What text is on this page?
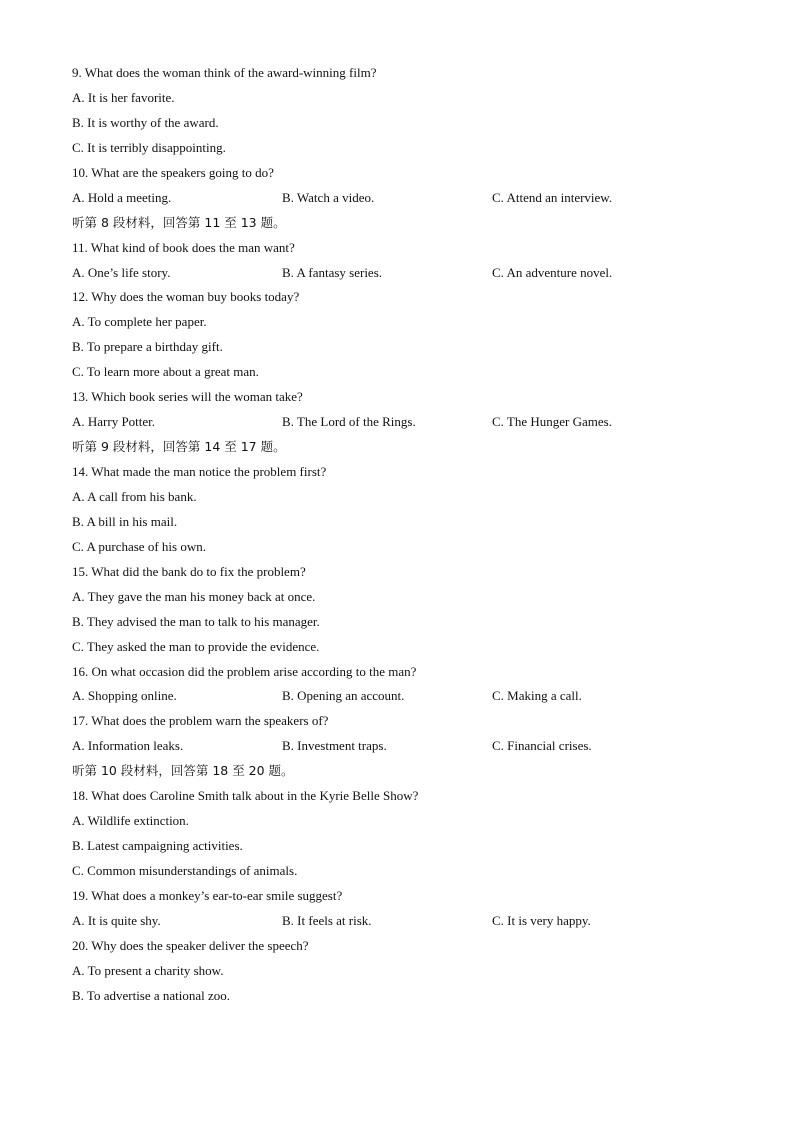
9. What does the woman think of the award-winning film?
A. It is her favorite.
B. It is worthy of the award.
C. It is terribly disappointing.
10. What are the speakers going to do?
A. Hold a meeting.	B. Watch a video.	C. Attend an interview.
听第 8 段材料，回答第 11 至 13 题。
11. What kind of book does the man want?
A. One’s life story.	B. A fantasy series.	C. An adventure novel.
12. Why does the woman buy books today?
A. To complete her paper.
B. To prepare a birthday gift.
C. To learn more about a great man.
13. Which book series will the woman take?
A. Harry Potter.	B. The Lord of the Rings.	C. The Hunger Games.
听第 9 段材料，回答第 14 至 17 题。
14. What made the man notice the problem first?
A. A call from his bank.
B. A bill in his mail.
C. A purchase of his own.
15. What did the bank do to fix the problem?
A. They gave the man his money back at once.
B. They advised the man to talk to his manager.
C. They asked the man to provide the evidence.
16. On what occasion did the problem arise according to the man?
A. Shopping online.	B. Opening an account.	C. Making a call.
17. What does the problem warn the speakers of?
A. Information leaks.	B. Investment traps.	C. Financial crises.
听第 10 段材料，回答第 18 至 20 题。
18. What does Caroline Smith talk about in the Kyrie Belle Show?
A. Wildlife extinction.
B. Latest campaigning activities.
C. Common misunderstandings of animals.
19. What does a monkey’s ear-to-ear smile suggest?
A. It is quite shy.	B. It feels at risk.	C. It is very happy.
20. Why does the speaker deliver the speech?
A. To present a charity show.
B. To advertise a national zoo.
